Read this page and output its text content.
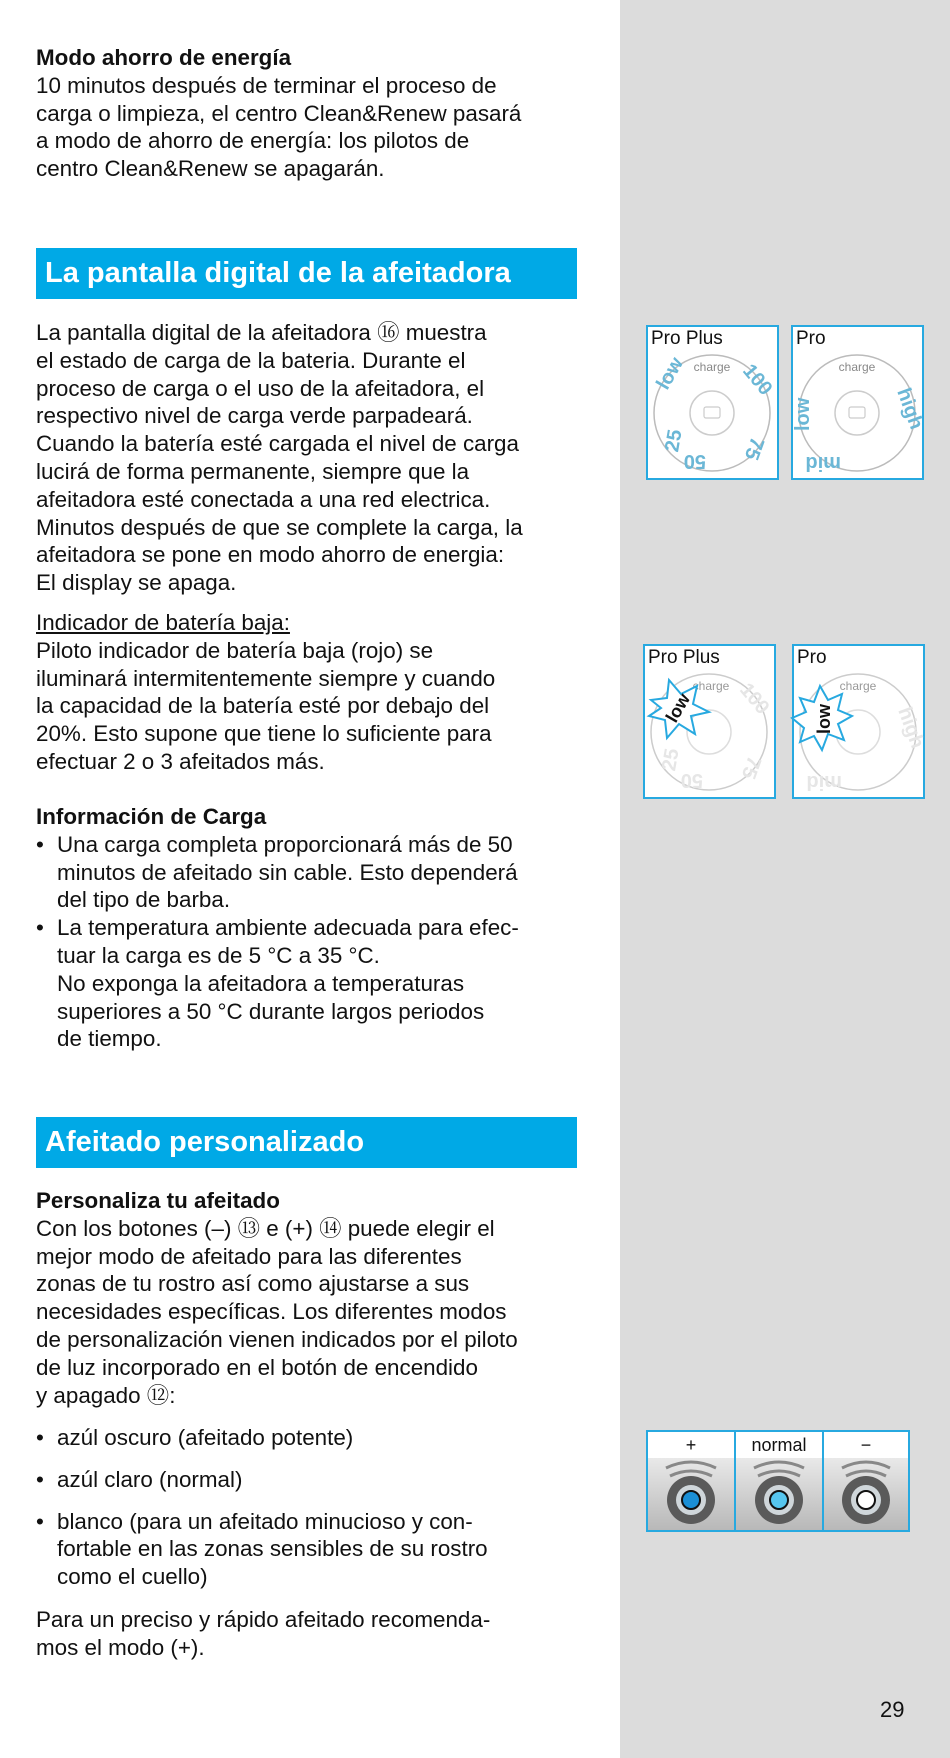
Modo ahorro de energía

10 minutos después de terminar el proceso de

carga o limpieza, el centro Clean&Renew pasará

a modo de ahorro de energía: los pilotos de

centro Clean&Renew se apagarán.

La pantalla digital de la afeitadora

La pantalla digital de la afeitadora ⑯ muestra

el estado de carga de la bateria. Durante el

proceso de carga o el uso de la afeitadora, el

respectivo nivel de carga verde parpadeará.

Cuando la batería esté cargada el nivel de carga

lucirá de forma permanente, siempre que la

afeitadora esté conectada a una red electrica.

Minutos después de que se complete la carga, la

afeitadora se pone en modo ahorro de energia:

El display se apaga.

Indicador de batería baja:

Piloto indicador de batería baja (rojo) se

iluminará intermitentemente siempre y cuando

la capacidad de la batería esté por debajo del

20%. Esto supone que tiene lo suficiente para

efectuar 2 o 3 afeitados más.

Información de Carga

• Una carga completa proporcionará más de 50

minutos de afeitado sin cable. Esto dependerá

del tipo de barba.

• La temperatura ambiente adecuada para efec-

tuar la carga es de 5 °C a 35 °C.

No exponga la afeitadora a temperaturas

superiores a 50 °C durante largos periodos

de tiempo.

Afeitado personalizado

Personaliza tu afeitado

Con los botones (–) ⑬ e (+) ⑭ puede elegir el

mejor modo de afeitado para las diferentes

zonas de tu rostro así como ajustarse a sus

necesidades específicas. Los diferentes modos

de personalización vienen indicados por el piloto

de luz incorporado en el botón de encendido

y apagado ⑫:

• azúl oscuro (afeitado potente)

• azúl claro (normal)

• blanco (para un afeitado minucioso y con-

fortable en las zonas sensibles de su rostro

como el cuello)

Para un preciso y rápido afeitado recomenda-

mos el modo (+).

Pro Plus
charge
low	100
75
50
25
Pro
charge
low	high
mid
Pro Plus
charge 100
75
50
25
low
Pro
charge
high
mid
low
+	normal	−
29
